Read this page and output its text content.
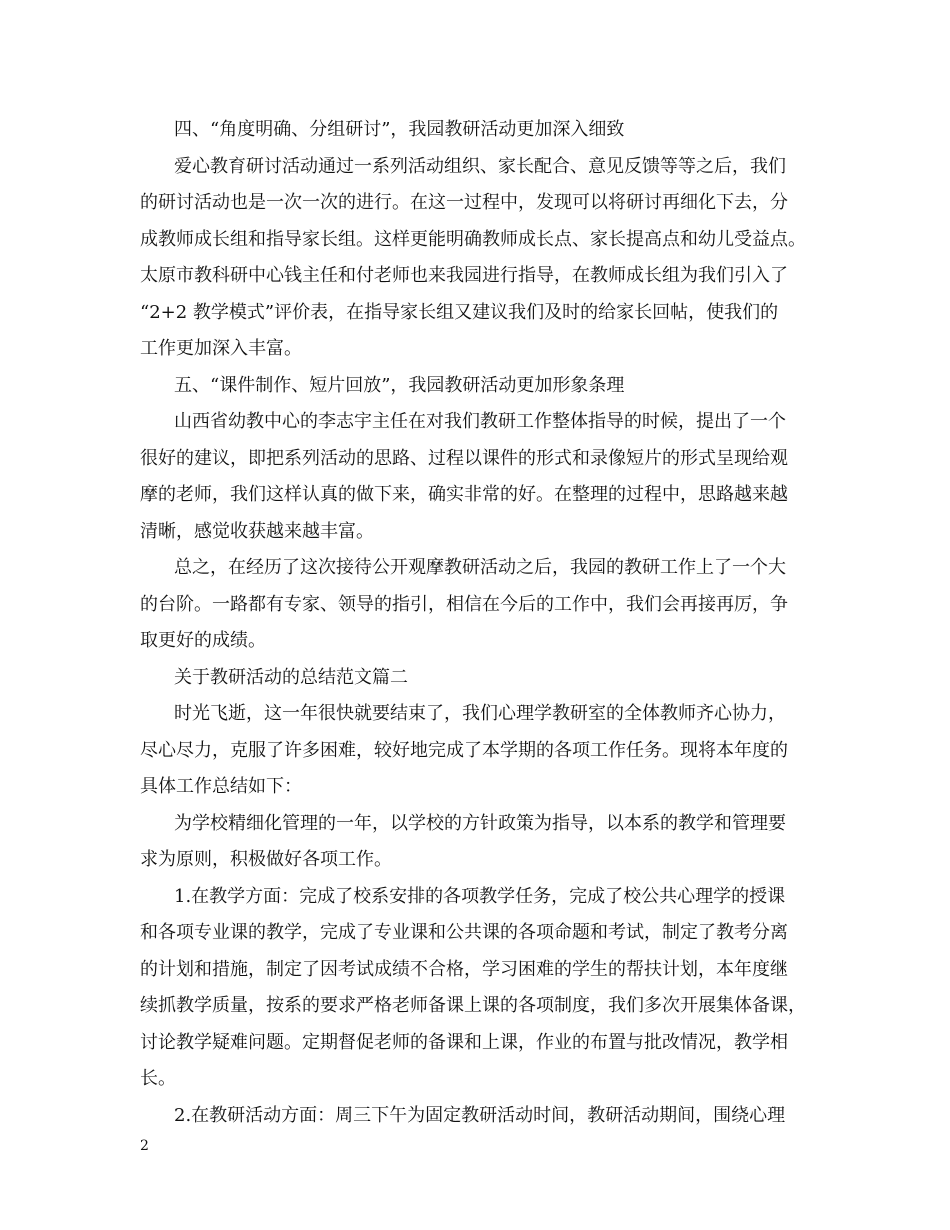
四、“角度明确、分组研讨”，我园教研活动更加深入细致
爱心教育研讨活动通过一系列活动组织、家长配合、意见反馈等等之后，我们
的研讨活动也是一次一次的进行。在这一过程中，发现可以将研讨再细化下去，分
成教师成长组和指导家长组。这样更能明确教师成长点、家长提高点和幼儿受益点。
太原市教科研中心钱主任和付老师也来我园进行指导，在教师成长组为我们引入了
“2+2 教学模式”评价表，在指导家长组又建议我们及时的给家长回帖，使我们的
工作更加深入丰富。
五、“课件制作、短片回放”，我园教研活动更加形象条理
山西省幼教中心的李志宇主任在对我们教研工作整体指导的时候，提出了一个
很好的建议，即把系列活动的思路、过程以课件的形式和录像短片的形式呈现给观
摩的老师，我们这样认真的做下来，确实非常的好。在整理的过程中，思路越来越
清晰，感觉收获越来越丰富。
总之，在经历了这次接待公开观摩教研活动之后，我园的教研工作上了一个大
的台阶。一路都有专家、领导的指引，相信在今后的工作中，我们会再接再厉，争
取更好的成绩。
关于教研活动的总结范文篇二
时光飞逝，这一年很快就要结束了，我们心理学教研室的全体教师齐心协力，
尽心尽力，克服了许多困难，较好地完成了本学期的各项工作任务。现将本年度的
具体工作总结如下：
为学校精细化管理的一年，以学校的方针政策为指导，以本系的教学和管理要
求为原则，积极做好各项工作。
1.在教学方面：完成了校系安排的各项教学任务，完成了校公共心理学的授课
和各项专业课的教学，完成了专业课和公共课的各项命题和考试，制定了教考分离
的计划和措施，制定了因考试成绩不合格，学习困难的学生的帮扶计划，本年度继
续抓教学质量，按系的要求严格老师备课上课的各项制度，我们多次开展集体备课，
讨论教学疑难问题。定期督促老师的备课和上课，作业的布置与批改情况，教学相
长。
2.在教研活动方面：周三下午为固定教研活动时间，教研活动期间，围绕心理
2
